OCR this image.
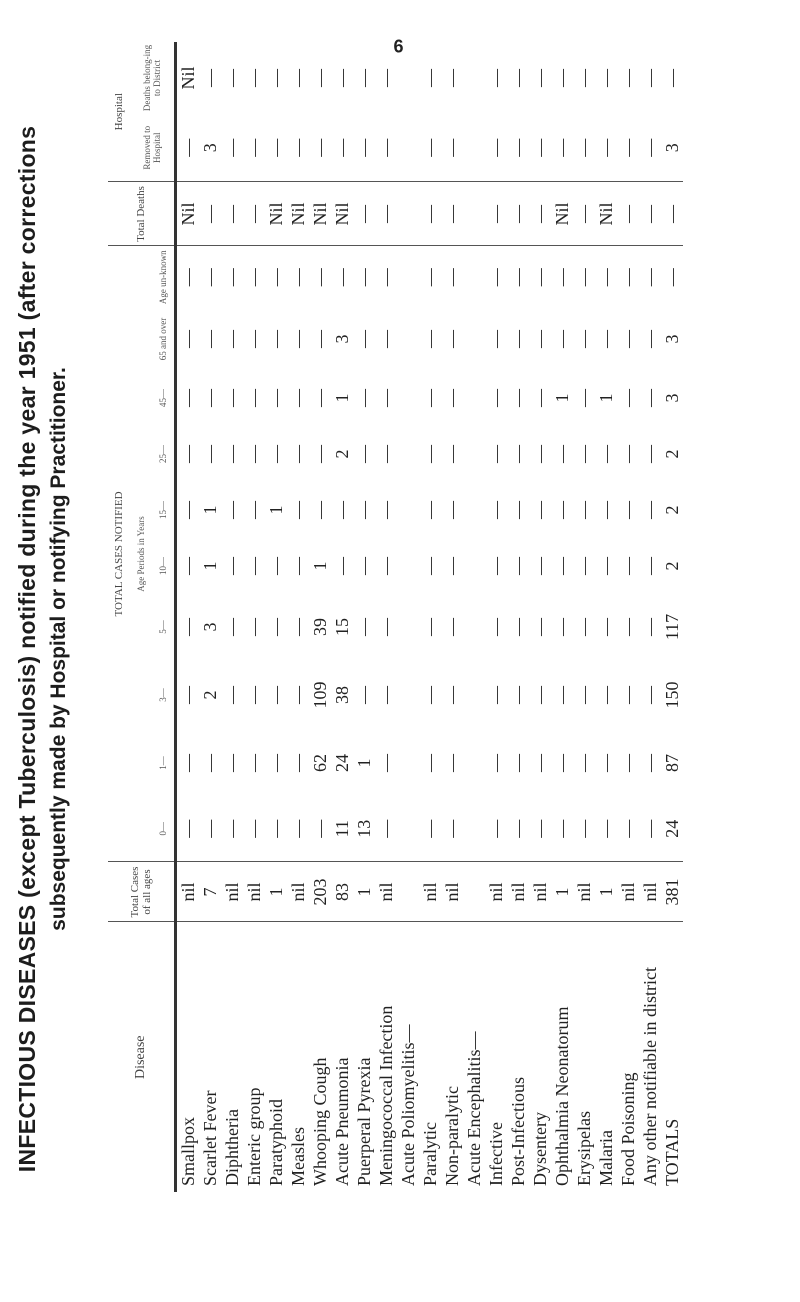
INFECTIOUS DISEASES (except Tuberculosis) notified during the year 1951 (after corrections subsequently made by Hospital or notifying Practitioner.
Disease	Total Cases of all ages	TOTAL CASES NOTIFIED										Total Deaths	Hospital	
		Age Periods in Years											Removed to Hospital	Deaths belong-ing to District
		0—	1—	3—	5—	10—	15—	25—	45—	65 and over	Age un-known			
Smallpox	nil	—	—	—	—	—	—	—	—	—	—	Nil	—	Nil
Scarlet Fever	7	—	—	2	3	1	1	—	—	—	—	—	3	—
Diphtheria	nil	—	—	—	—	—	—	—	—	—	—	—	—	—
Enteric group	nil	—	—	—	—	—	—	—	—	—	—	—	—	—
Paratyphoid	1	—	—	—	—	—	1	—	—	—	—	Nil	—	—
Measles	nil	—	—	—	—	—	—	—	—	—	—	Nil	—	—
Whooping Cough	203	—	62	109	39	1	—	—	—	—	—	Nil	—	—
Acute Pneumonia	83	11	24	38	15	—	—	2	1	3	—	Nil	—	—
Puerperal Pyrexia	1	13	1	—	—	—	—	—	—	—	—	—	—	—
Meningococcal Infection	nil	—	—	—	—	—	—	—	—	—	—	—	—	—
Acute Poliomyelitis—														
Paralytic	nil	—	—	—	—	—	—	—	—	—	—	—	—	—
Non-paralytic	nil	—	—	—	—	—	—	—	—	—	—	—	—	—
Acute Encephalitis—														
Infective	nil	—	—	—	—	—	—	—	—	—	—	—	—	—
Post-Infectious	nil	—	—	—	—	—	—	—	—	—	—	—	—	—
Dysentery	nil	—	—	—	—	—	—	—	—	—	—	—	—	—
Ophthalmia Neonatorum	1	—	—	—	—	—	—	—	1	—	—	Nil	—	—
Erysipelas	nil	—	—	—	—	—	—	—	—	—	—	—	—	—
Malaria	1	—	—	—	—	—	—	—	1	—	—	Nil	—	—
Food Poisoning	nil	—	—	—	—	—	—	—	—	—	—	—	—	—
Any other notifiable in district	nil	—	—	—	—	—	—	—	—	—	—	—	—	—
TOTALS	381	24	87	150	117	2	2	2	3	3	—	—	3	—
6
